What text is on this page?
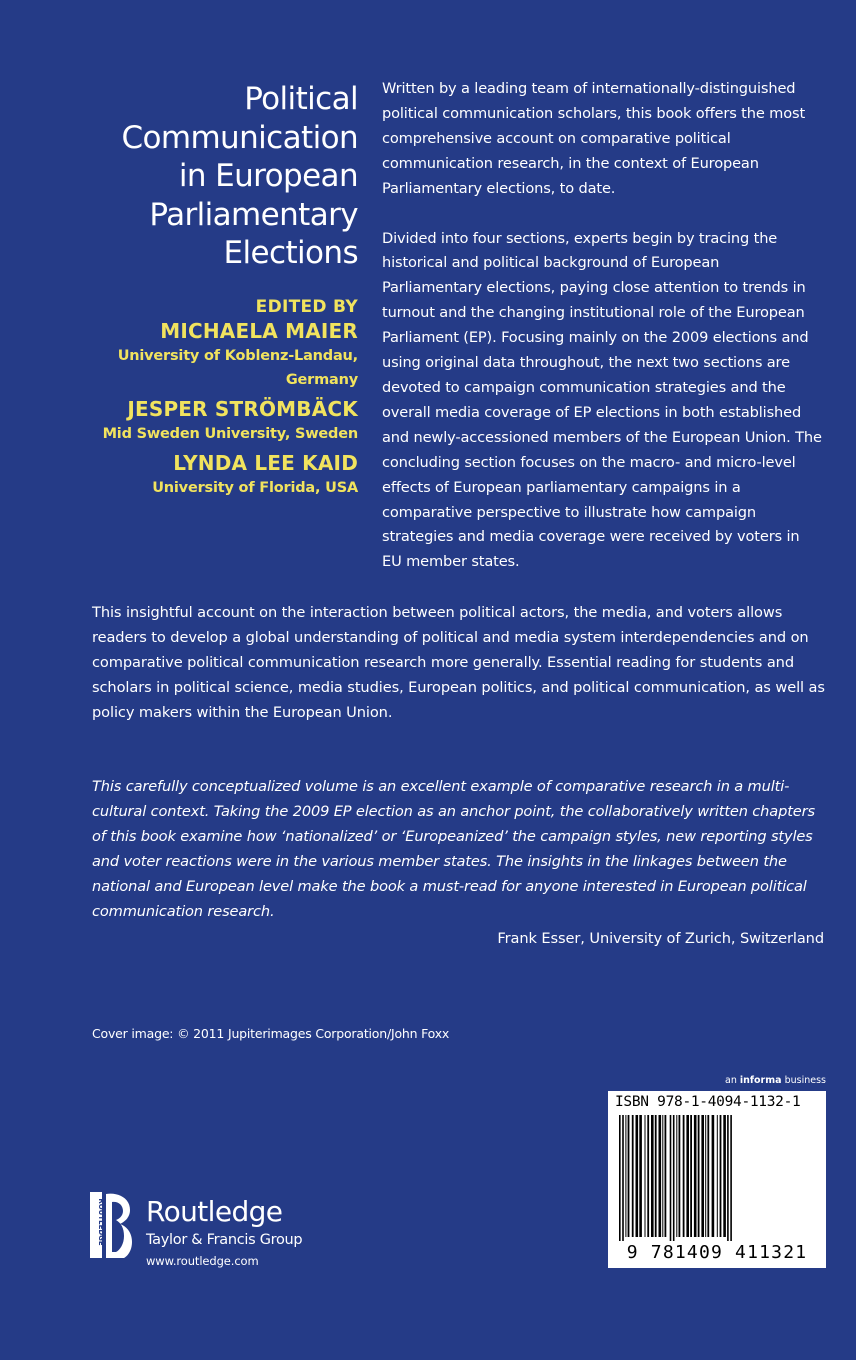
Political
Communication
in European
Parliamentary
Elections
EDITED BY
MICHAELA MAIER
University of Koblenz-Landau,
Germany
JESPER STRÖMBÄCK
Mid Sweden University, Sweden
LYNDA LEE KAID
University of Florida, USA

Written by a leading team of internationally-distinguished political communication scholars, this book offers the most comprehensive account on comparative political communication research, in the context of European Parliamentary elections, to date.

Divided into four sections, experts begin by tracing the historical and political background of European Parliamentary elections, paying close attention to trends in turnout and the changing institutional role of the European Parliament (EP). Focusing mainly on the 2009 elections and using original data throughout, the next two sections are devoted to campaign communication strategies and the overall media coverage of EP elections in both established and newly-accessioned members of the European Union. The concluding section focuses on the macro- and micro-level effects of European parliamentary campaigns in a comparative perspective to illustrate how campaign strategies and media coverage were received by voters in EU member states.

This insightful account on the interaction between political actors, the media, and voters allows readers to develop a global understanding of political and media system interdependencies and on comparative political communication research more generally. Essential reading for students and scholars in political science, media studies, European politics, and political communication, as well as policy makers within the European Union.

This carefully conceptualized volume is an excellent example of comparative research in a multi-cultural context. Taking the 2009 EP election as an anchor point, the collaboratively written chapters of this book examine how ‘nationalized’ or ‘Europeanized’ the campaign styles, new reporting styles and voter reactions were in the various member states. The insights in the linkages between the national and European level make the book a must-read for anyone interested in European political communication research.

Frank Esser, University of Zurich, Switzerland
Cover image: © 2011 Jupiterimages Corporation/John Foxx
an informa business
ISBN 978-1-4094-1132-1
9 781409 411321
ROUTLEDGE Routledge
Taylor & Francis Group
www.routledge.com
